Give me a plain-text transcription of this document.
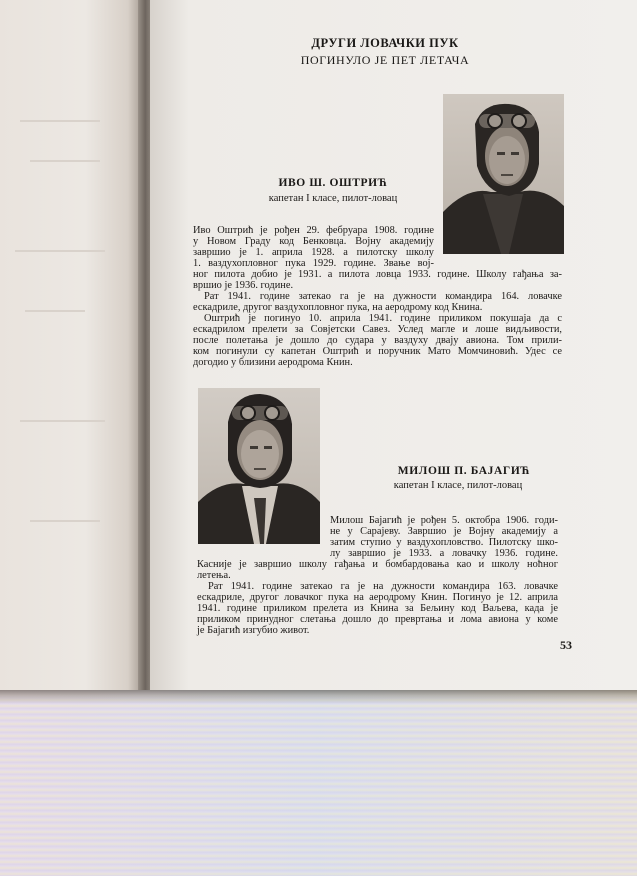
ДРУГИ ЛОВАЧКИ ПУК
ПОГИНУЛО ЈЕ ПЕТ ЛЕТАЧА
ИВО Ш. ОШТРИЋ
капетан I класе, пилот-ловац
Иво Оштрић је рођен 29. фебруара 1908. године
у Новом Граду код Бенковца. Војну академију
завршио је 1. априла 1928. а пилотску школу
1. ваздухопловног пука 1929. године. Звање вој-
ног пилота добио је 1931. а пилота ловца 1933. године. Школу гађања за-
вршио је 1936. године.
Рат 1941. године затекао га је на дужности командира 164. ловачке
ескадриле, другог ваздухопловног пука, на аеродрому код Книна.
Оштрић је погинуо 10. априла 1941. године приликом покушаја да с
ескадрилом прелети за Совјетски Савез. Услед магле и лоше видљивости,
после полетања је дошло до судара у ваздуху двају авиона. Том прили-
ком погинули су капетан Оштрић и поручник Мато Момчиновић. Удес се
догодио у близини аеродрома Книн.
МИЛОШ П. БАЈАГИЋ
капетан I класе, пилот-ловац
Милош Бајагић је рођен 5. октобра 1906. годи-
не у Сарајеву. Завршио је Војну академију а
затим ступио у ваздухопловство. Пилотску шко-
лу завршио је 1933. а ловачку 1936. године.
Касније је завршио школу гађања и бомбардовања као и школу ноћног
летења.
Рат 1941. године затекао га је на дужности командира 163. ловачке
ескадриле, другог ловачког пука на аеродрому Книн. Погинуо је 12. априла
1941. године приликом прелета из Книна за Бељину код Ваљева, када је
приликом принудног слетања дошло до превртања и лома авиона у коме
је Бајагић изгубио живот.
53
